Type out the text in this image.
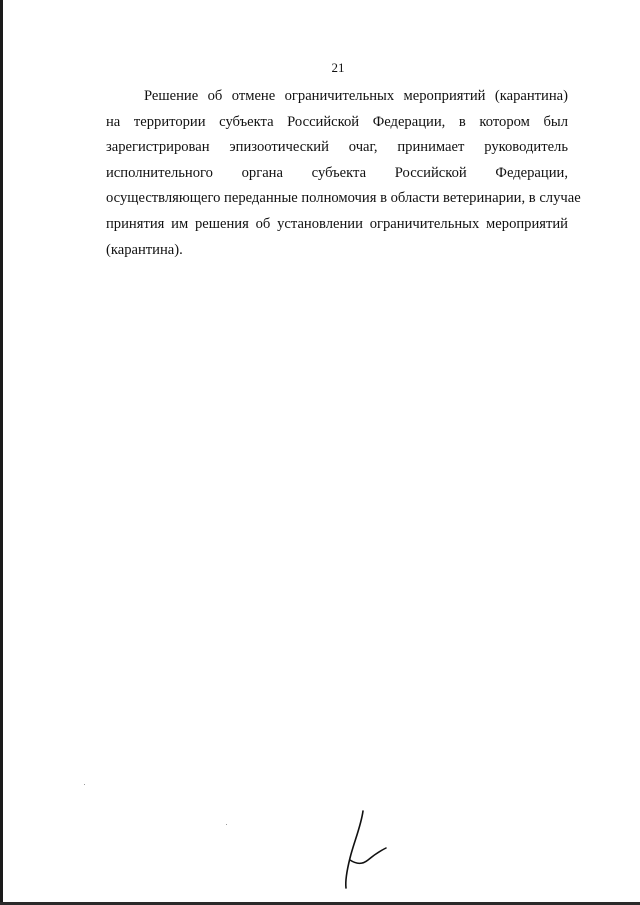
21
Решение об отмене ограничительных мероприятий (карантина)
на территории субъекта Российской Федерации, в котором был
зарегистрирован эпизоотический очаг, принимает руководитель
исполнительного органа субъекта Российской Федерации,
осуществляющего переданные полномочия в области ветеринарии, в случае
принятия им решения об установлении ограничительных мероприятий
(карантина).
